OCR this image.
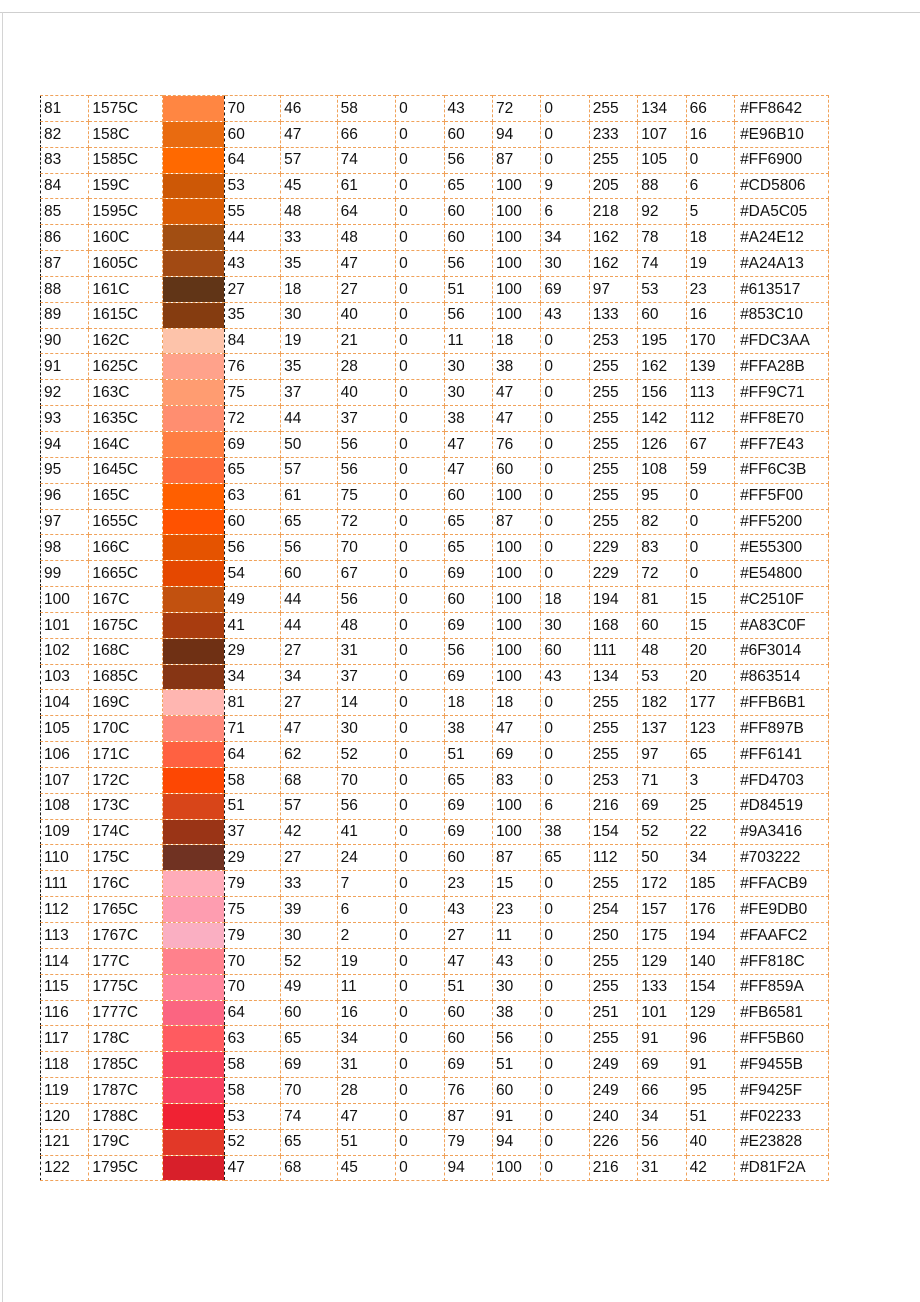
81	1575C		70	46	58	0	43	72	0	255	134	66	#FF8642
82	158C		60	47	66	0	60	94	0	233	107	16	#E96B10
83	1585C		64	57	74	0	56	87	0	255	105	0	#FF6900
84	159C		53	45	61	0	65	100	9	205	88	6	#CD5806
85	1595C		55	48	64	0	60	100	6	218	92	5	#DA5C05
86	160C		44	33	48	0	60	100	34	162	78	18	#A24E12
87	1605C		43	35	47	0	56	100	30	162	74	19	#A24A13
88	161C		27	18	27	0	51	100	69	97	53	23	#613517
89	1615C		35	30	40	0	56	100	43	133	60	16	#853C10
90	162C		84	19	21	0	11	18	0	253	195	170	#FDC3AA
91	1625C		76	35	28	0	30	38	0	255	162	139	#FFA28B
92	163C		75	37	40	0	30	47	0	255	156	113	#FF9C71
93	1635C		72	44	37	0	38	47	0	255	142	112	#FF8E70
94	164C		69	50	56	0	47	76	0	255	126	67	#FF7E43
95	1645C		65	57	56	0	47	60	0	255	108	59	#FF6C3B
96	165C		63	61	75	0	60	100	0	255	95	0	#FF5F00
97	1655C		60	65	72	0	65	87	0	255	82	0	#FF5200
98	166C		56	56	70	0	65	100	0	229	83	0	#E55300
99	1665C		54	60	67	0	69	100	0	229	72	0	#E54800
100	167C		49	44	56	0	60	100	18	194	81	15	#C2510F
101	1675C		41	44	48	0	69	100	30	168	60	15	#A83C0F
102	168C		29	27	31	0	56	100	60	111	48	20	#6F3014
103	1685C		34	34	37	0	69	100	43	134	53	20	#863514
104	169C		81	27	14	0	18	18	0	255	182	177	#FFB6B1
105	170C		71	47	30	0	38	47	0	255	137	123	#FF897B
106	171C		64	62	52	0	51	69	0	255	97	65	#FF6141
107	172C		58	68	70	0	65	83	0	253	71	3	#FD4703
108	173C		51	57	56	0	69	100	6	216	69	25	#D84519
109	174C		37	42	41	0	69	100	38	154	52	22	#9A3416
110	175C		29	27	24	0	60	87	65	112	50	34	#703222
111	176C		79	33	7	0	23	15	0	255	172	185	#FFACB9
112	1765C		75	39	6	0	43	23	0	254	157	176	#FE9DB0
113	1767C		79	30	2	0	27	11	0	250	175	194	#FAAFC2
114	177C		70	52	19	0	47	43	0	255	129	140	#FF818C
115	1775C		70	49	11	0	51	30	0	255	133	154	#FF859A
116	1777C		64	60	16	0	60	38	0	251	101	129	#FB6581
117	178C		63	65	34	0	60	56	0	255	91	96	#FF5B60
118	1785C		58	69	31	0	69	51	0	249	69	91	#F9455B
119	1787C		58	70	28	0	76	60	0	249	66	95	#F9425F
120	1788C		53	74	47	0	87	91	0	240	34	51	#F02233
121	179C		52	65	51	0	79	94	0	226	56	40	#E23828
122	1795C		47	68	45	0	94	100	0	216	31	42	#D81F2A
